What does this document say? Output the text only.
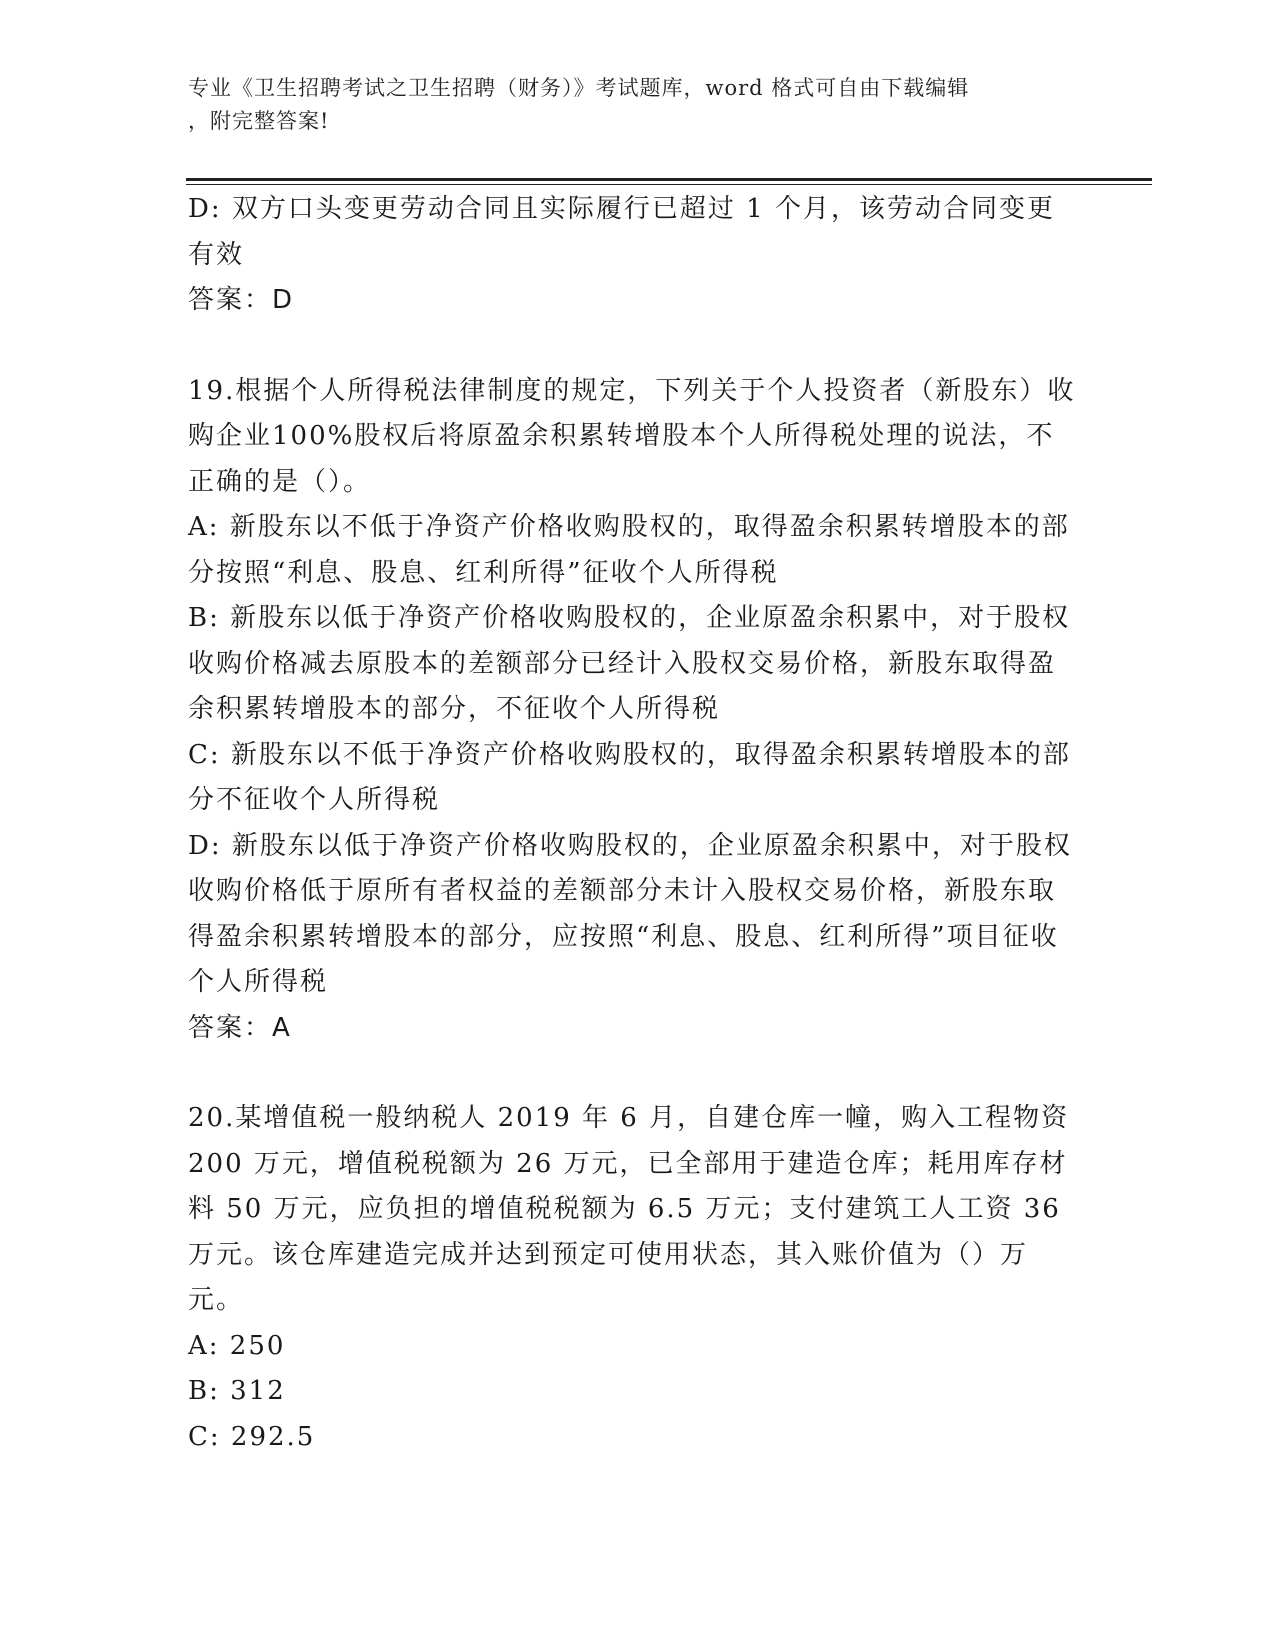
专业《卫生招聘考试之卫生招聘（财务）》考试题库，word 格式可自由下载编辑
，附完整答案!

D: 双方口头变更劳动合同且实际履行已超过 1 个月，该劳动合同变更有效

答案：D

19.根据个人所得税法律制度的规定，下列关于个人投资者（新股东）收购企业100%股权后将原盈余积累转增股本个人所得税处理的说法，不正确的是（）。

A: 新股东以不低于净资产价格收购股权的，取得盈余积累转增股本的部分按照“利息、股息、红利所得”征收个人所得税

B: 新股东以低于净资产价格收购股权的，企业原盈余积累中，对于股权收购价格减去原股本的差额部分已经计入股权交易价格，新股东取得盈余积累转增股本的部分，不征收个人所得税

C: 新股东以不低于净资产价格收购股权的，取得盈余积累转增股本的部分不征收个人所得税

D: 新股东以低于净资产价格收购股权的，企业原盈余积累中，对于股权收购价格低于原所有者权益的差额部分未计入股权交易价格，新股东取得盈余积累转增股本的部分，应按照“利息、股息、红利所得”项目征收个人所得税

答案：A

20.某增值税一般纳税人 2019 年 6 月，自建仓库一幢，购入工程物资 200 万元，增值税税额为 26 万元，已全部用于建造仓库；耗用库存材料 50 万元，应负担的增值税税额为 6.5 万元；支付建筑工人工资 36 万元。该仓库建造完成并达到预定可使用状态，其入账价值为（）万元。

A: 250

B: 312

C: 292.5
